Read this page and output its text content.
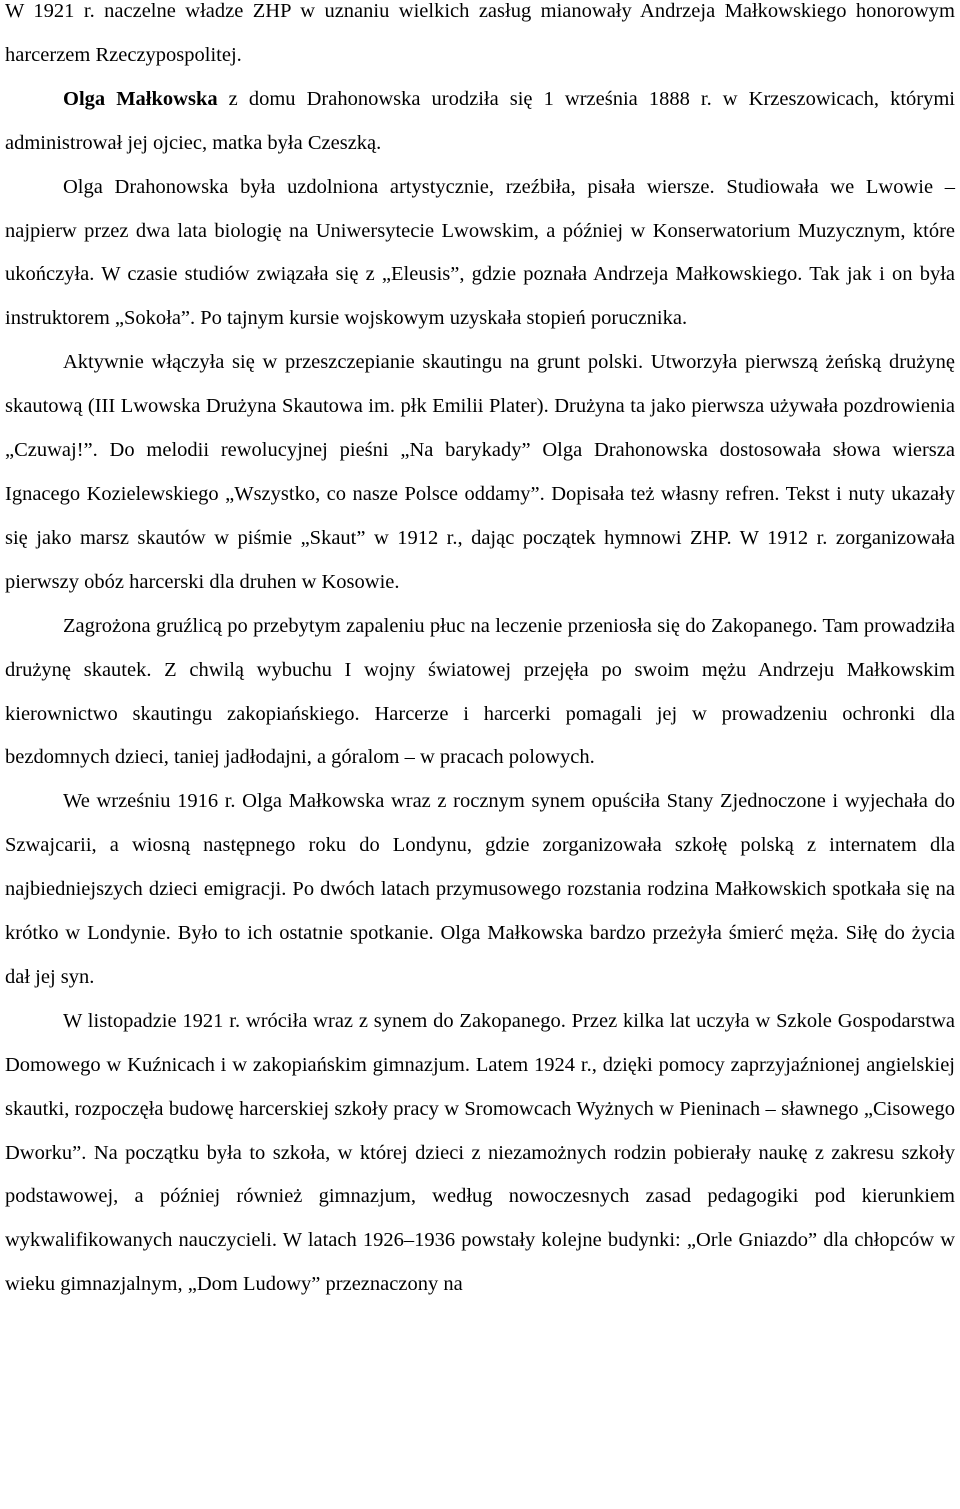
W 1921 r. naczelne władze ZHP w uznaniu wielkich zasług mianowały Andrzeja Małkowskiego honorowym harcerzem Rzeczypospolitej.

Olga Małkowska z domu Drahonowska urodziła się 1 września 1888 r. w Krzeszowicach, którymi administrował jej ojciec, matka była Czeszką.

Olga Drahonowska była uzdolniona artystycznie, rzeźbiła, pisała wiersze. Studiowała we Lwowie – najpierw przez dwa lata biologię na Uniwersytecie Lwowskim, a później w Konserwatorium Muzycznym, które ukończyła. W czasie studiów związała się z „Eleusis”, gdzie poznała Andrzeja Małkowskiego. Tak jak i on była instruktorem „Sokoła”. Po tajnym kursie wojskowym uzyskała stopień porucznika.

Aktywnie włączyła się w przeszczepianie skautingu na grunt polski. Utworzyła pierwszą żeńską drużynę skautową (III Lwowska Drużyna Skautowa im. płk Emilii Plater). Drużyna ta jako pierwsza używała pozdrowienia „Czuwaj!”. Do melodii rewolucyjnej pieśni „Na barykady” Olga Drahonowska dostosowała słowa wiersza Ignacego Kozielewskiego „Wszystko, co nasze Polsce oddamy”. Dopisała też własny refren. Tekst i nuty ukazały się jako marsz skautów w piśmie „Skaut” w 1912 r., dając początek hymnowi ZHP. W 1912 r. zorganizowała pierwszy obóz harcerski dla druhen w Kosowie.

Zagrożona gruźlicą po przebytym zapaleniu płuc na leczenie przeniosła się do Zakopanego. Tam prowadziła drużynę skautek. Z chwilą wybuchu I wojny światowej przejęła po swoim mężu Andrzeju Małkowskim kierownictwo skautingu zakopiańskiego. Harcerze i harcerki pomagali jej w prowadzeniu ochronki dla bezdomnych dzieci, taniej jadłodajni, a góralom – w pracach polowych.

We wrześniu 1916 r. Olga Małkowska wraz z rocznym synem opuściła Stany Zjednoczone i wyjechała do Szwajcarii, a wiosną następnego roku do Londynu, gdzie zorganizowała szkołę polską z internatem dla najbiedniejszych dzieci emigracji. Po dwóch latach przymusowego rozstania rodzina Małkowskich spotkała się na krótko w Londynie. Było to ich ostatnie spotkanie. Olga Małkowska bardzo przeżyła śmierć męża. Siłę do życia dał jej syn.

W listopadzie 1921 r. wróciła wraz z synem do Zakopanego. Przez kilka lat uczyła w Szkole Gospodarstwa Domowego w Kuźnicach i w zakopiańskim gimnazjum. Latem 1924 r., dzięki pomocy zaprzyjaźnionej angielskiej skautki, rozpoczęła budowę harcerskiej szkoły pracy w Sromowcach Wyżnych w Pieninach – sławnego „Cisowego Dworku”. Na początku była to szkoła, w której dzieci z niezamożnych rodzin pobierały naukę z zakresu szkoły podstawowej, a później również gimnazjum, według nowoczesnych zasad pedagogiki pod kierunkiem wykwalifikowanych nauczycieli. W latach 1926–1936 powstały kolejne budynki: „Orle Gniazdo” dla chłopców w wieku gimnazjalnym, „Dom Ludowy” przeznaczony na
